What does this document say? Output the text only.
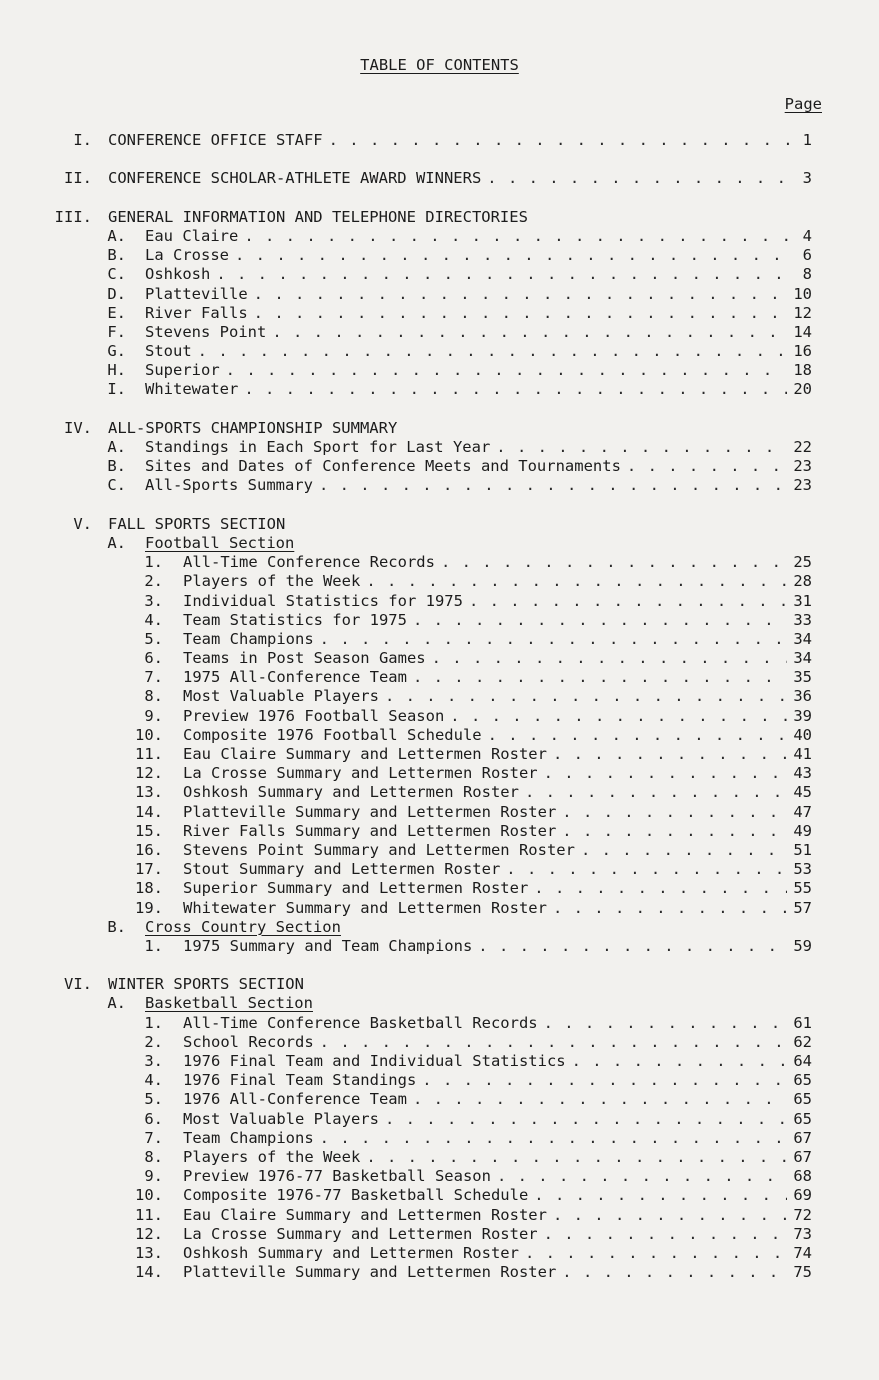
TABLE OF CONTENTS
Page
I.	CONFERENCE OFFICE STAFF . . .	1
II.	CONFERENCE SCHOLAR-ATHLETE AWARD WINNERS . . .	3
III.	GENERAL INFORMATION AND TELEPHONE DIRECTORIES
A.	Eau Claire . . .	4
B.	La Crosse . . .	6
C.	Oshkosh . . .	8
D.	Platteville . . .	10
E.	River Falls . . .	12
F.	Stevens Point . . .	14
G.	Stout . . .	16
H.	Superior . . .	18
I.	Whitewater . . .	20
IV.	ALL-SPORTS CHAMPIONSHIP SUMMARY
A.	Standings in Each Sport for Last Year . . .	22
B.	Sites and Dates of Conference Meets and Tournaments . . .	23
C.	All-Sports Summary . . .	23
V.	FALL SPORTS SECTION
A.	Football Section
1.	All-Time Conference Records . . .	25
2.	Players of the Week . . .	28
3.	Individual Statistics for 1975 . . .	31
4.	Team Statistics for 1975 . . .	33
5.	Team Champions . . .	34
6.	Teams in Post Season Games . . .	34
7.	1975 All-Conference Team . . .	35
8.	Most Valuable Players . . .	36
9.	Preview 1976 Football Season . . .	39
10.	Composite 1976 Football Schedule . . .	40
11.	Eau Claire Summary and Lettermen Roster . . .	41
12.	La Crosse Summary and Lettermen Roster . . .	43
13.	Oshkosh Summary and Lettermen Roster . . .	45
14.	Platteville Summary and Lettermen Roster . . .	47
15.	River Falls Summary and Lettermen Roster . . .	49
16.	Stevens Point Summary and Lettermen Roster . . .	51
17.	Stout Summary and Lettermen Roster . . .	53
18.	Superior Summary and Lettermen Roster . . .	55
19.	Whitewater Summary and Lettermen Roster . . .	57
B.	Cross Country Section
1.	1975 Summary and Team Champions . . .	59
VI.	WINTER SPORTS SECTION
A.	Basketball Section
1.	All-Time Conference Basketball Records . . .	61
2.	School Records . . .	62
3.	1976 Final Team and Individual Statistics . . .	64
4.	1976 Final Team Standings . . .	65
5.	1976 All-Conference Team . . .	65
6.	Most Valuable Players . . .	65
7.	Team Champions . . .	67
8.	Players of the Week . . .	67
9.	Preview 1976-77 Basketball Season . . .	68
10.	Composite 1976-77 Basketball Schedule . . .	69
11.	Eau Claire Summary and Lettermen Roster . . .	72
12.	La Crosse Summary and Lettermen Roster . . .	73
13.	Oshkosh Summary and Lettermen Roster . . .	74
14.	Platteville Summary and Lettermen Roster . . .	75
